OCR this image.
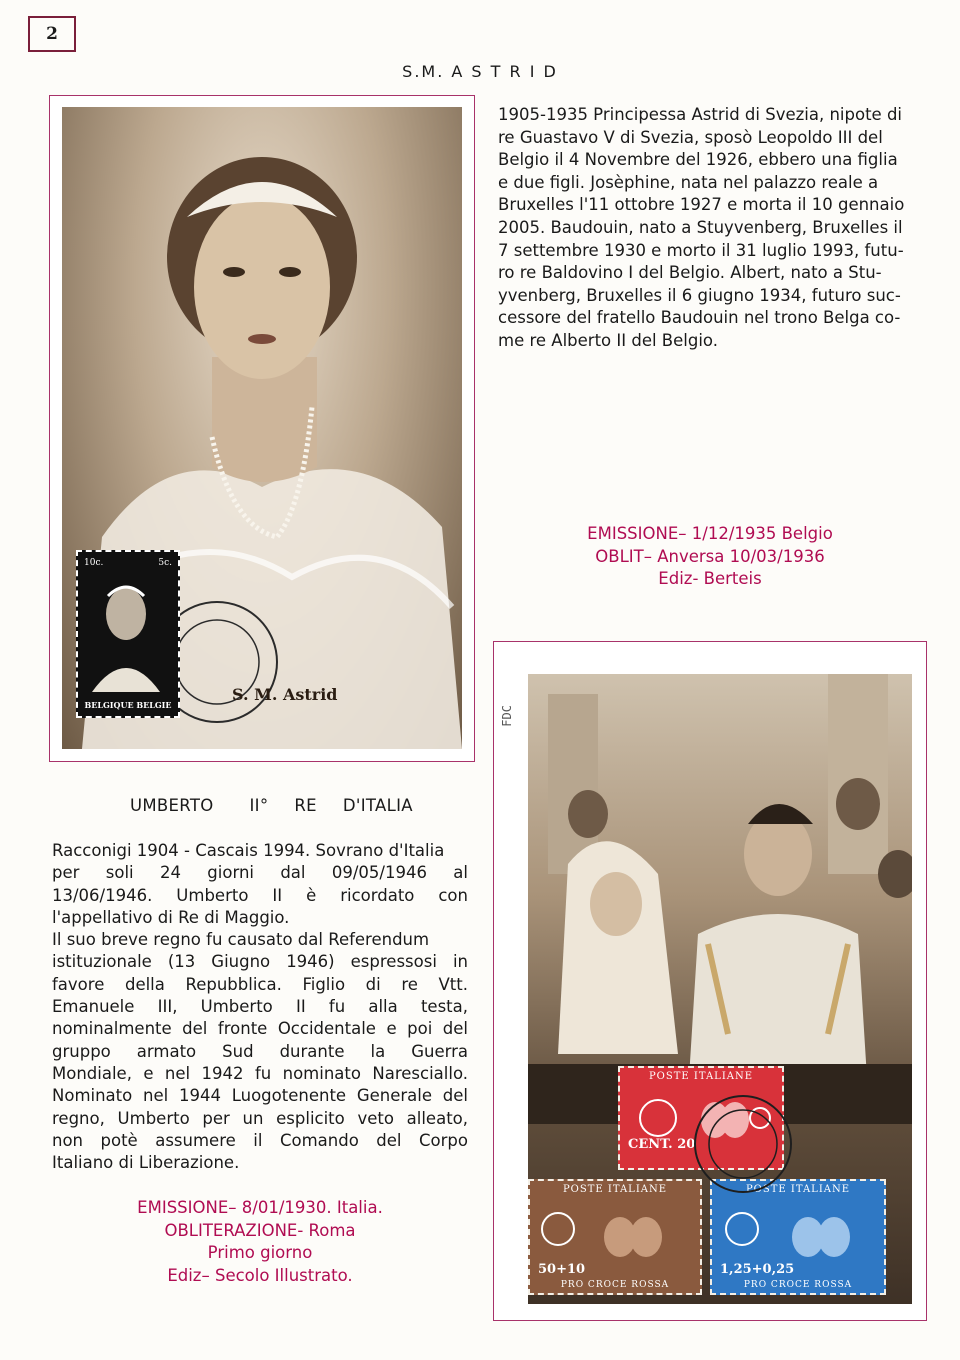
2
S.M. A S T R I D
10c.	5c.
BELGIQUE BELGIE
S. M. Astrid
1905-1935 Principessa Astrid di Svezia, nipote di
re Guastavo V di Svezia, sposò Leopoldo III del
Belgio il 4 Novembre del 1926, ebbero una figlia
e due figli. Josèphine, nata nel palazzo reale a
Bruxelles l'11 ottobre 1927 e morta il 10 gennaio
2005. Baudouin, nato a Stuyvenberg, Bruxelles il
7 settembre 1930 e morto il 31 luglio 1993, futu-
ro re Baldovino I del Belgio. Albert, nato a Stu-
yvenberg, Bruxelles il 6 giugno 1934, futuro suc-
cessore del fratello Baudouin nel trono Belga co-
me re Alberto II del Belgio.
EMISSIONE– 1/12/1935 Belgio
OBLIT– Anversa 10/03/1936
Ediz- Berteis
UMBERTO II° RE D'ITALIA
Racconigi 1904 - Cascais 1994. Sovrano d'Italia
per soli 24 giorni dal 09/05/1946 al
13/06/1946. Umberto II è ricordato con
l'appellativo di Re di Maggio.
Il suo breve regno fu causato dal Referendum
istituzionale (13 Giugno 1946) espressosi in
favore della Repubblica. Figlio di re Vtt.
Emanuele III, Umberto II fu alla testa,
nominalmente del fronte Occidentale e poi del
gruppo armato Sud durante la Guerra
Mondiale, e nel 1942 fu nominato Naresciallo.
Nominato nel 1944 Luogotenente Generale del
regno, Umberto per un esplicito veto alleato,
non potè assumere il Comando del Corpo
Italiano di Liberazione.
EMISSIONE– 8/01/1930. Italia.
OBLITERAZIONE- Roma
Primo giorno
Ediz– Secolo Illustrato.
POSTE ITALIANE
CENT. 20
POSTE ITALIANE
50+10
PRO CROCE ROSSA
POSTE ITALIANE
1,25+0,25
PRO CROCE ROSSA
FDC
